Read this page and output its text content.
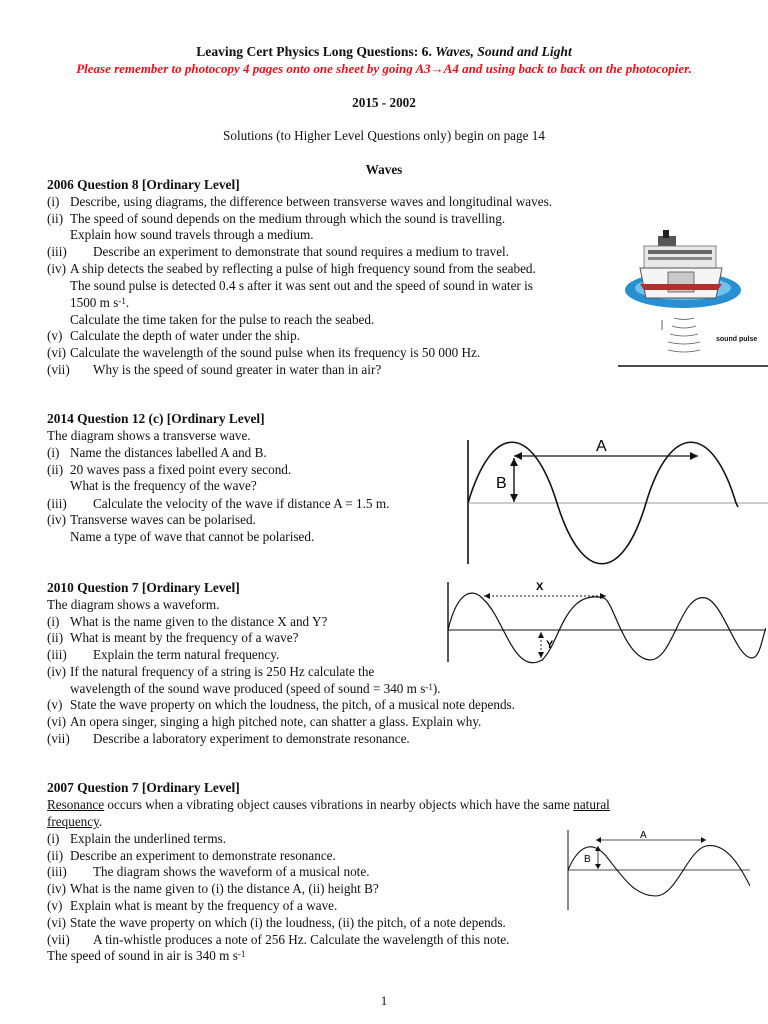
Leaving Cert Physics Long Questions: 6. Waves, Sound and Light
Please remember to photocopy 4 pages onto one sheet by going A3→A4 and using back to back on the photocopier.
2015 - 2002
Solutions (to Higher Level Questions only) begin on page 14
Waves
2006 Question 8 [Ordinary Level]
(i) Describe, using diagrams, the difference between transverse waves and longitudinal waves.
(ii) The speed of sound depends on the medium through which the sound is travelling.
Explain how sound travels through a medium.
(iii) Describe an experiment to demonstrate that sound requires a medium to travel.
(iv) A ship detects the seabed by reflecting a pulse of high frequency sound from the seabed.
The sound pulse is detected 0.4 s after it was sent out and the speed of sound in water is
1500 m $s^{-1}$.
Calculate the time taken for the pulse to reach the seabed.
(v) Calculate the depth of water under the ship.
(vi) Calculate the wavelength of the sound pulse when its frequency is 50 000 Hz.
(vii) Why is the speed of sound greater in water than in air?
sound pulse
2014 Question 12 (c) [Ordinary Level]
The diagram shows a transverse wave.
(i) Name the distances labelled A and B.
(ii) 20 waves pass a fixed point every second.
What is the frequency of the wave?
(iii) Calculate the velocity of the wave if distance A = 1.5 m.
(iv) Transverse waves can be polarised.
Name a type of wave that cannot be polarised.
A
B
2010 Question 7 [Ordinary Level]
The diagram shows a waveform.
(i) What is the name given to the distance X and Y?
(ii) What is meant by the frequency of a wave?
(iii) Explain the term natural frequency.
(iv) If the natural frequency of a string is 250 Hz calculate the
wavelength of the sound wave produced (speed of sound = 340 m $s^{-1}$).
(v) State the wave property on which the loudness, the pitch, of a musical note depends.
(vi) An opera singer, singing a high pitched note, can shatter a glass. Explain why.
(vii) Describe a laboratory experiment to demonstrate resonance.
X
Y
2007 Question 7 [Ordinary Level]
Resonance occurs when a vibrating object causes vibrations in nearby objects which have the same natural
frequency.
(i) Explain the underlined terms.
(ii) Describe an experiment to demonstrate resonance.
(iii) The diagram shows the waveform of a musical note.
(iv) What is the name given to (i) the distance A, (ii) height B?
(v) Explain what is meant by the frequency of a wave.
(vi) State the wave property on which (i) the loudness, (ii) the pitch, of a note depends.
(vii) A tin-whistle produces a note of 256 Hz. Calculate the wavelength of this note.
The speed of sound in air is 340 m $s^{-1}$
A
B
1
